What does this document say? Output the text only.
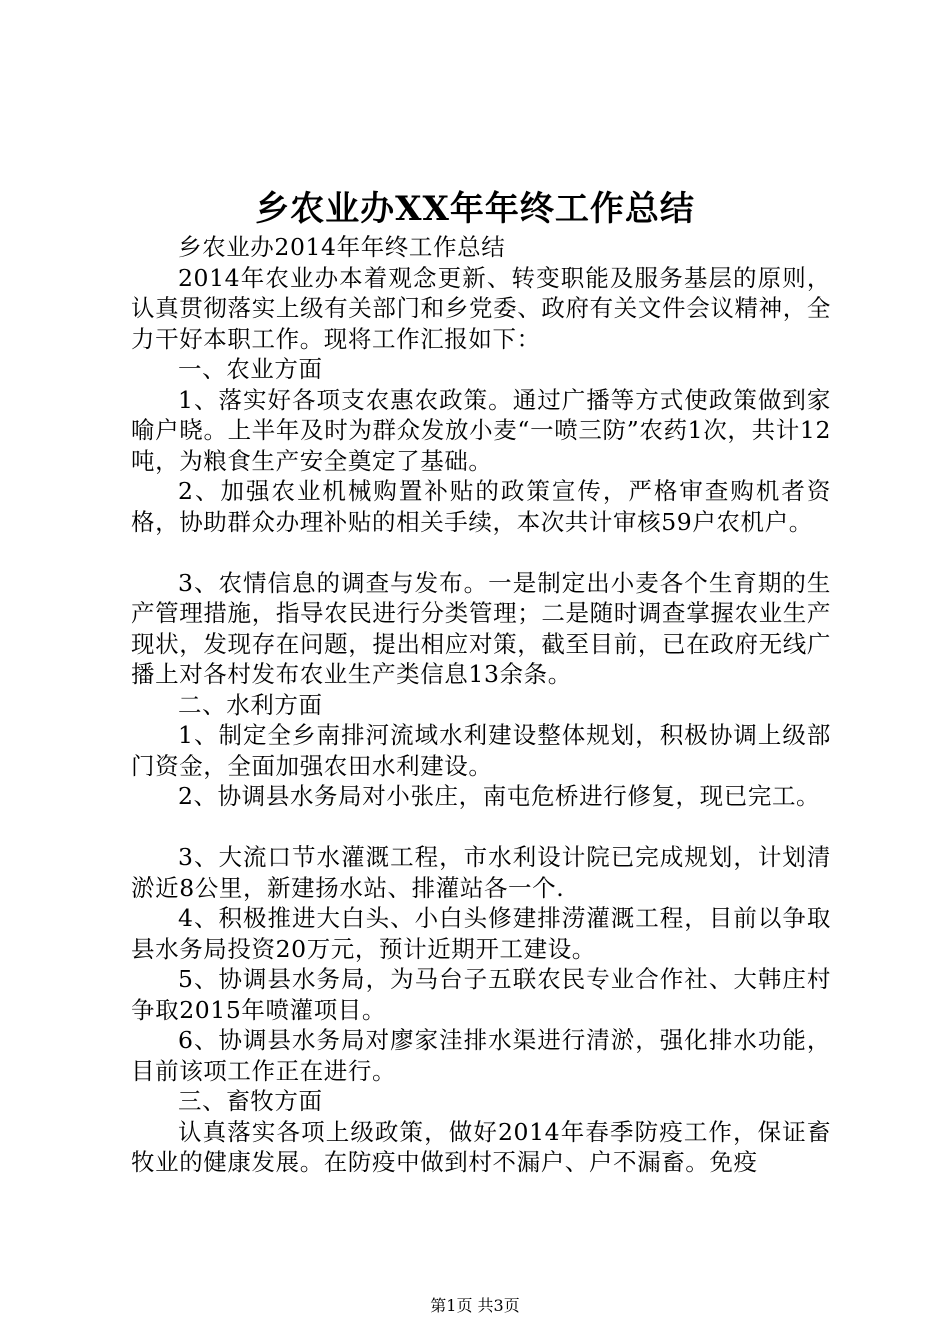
乡农业办XX年年终工作总结

乡农业办2014年年终工作总结

2014年农业办本着观念更新、转变职能及服务基层的原则，认真贯彻落实上级有关部门和乡党委、政府有关文件会议精神，全力干好本职工作。现将工作汇报如下：

一、农业方面

1、落实好各项支农惠农政策。通过广播等方式使政策做到家喻户晓。上半年及时为群众发放小麦“一喷三防”农药1次，共计12吨，为粮食生产安全奠定了基础。

2、加强农业机械购置补贴的政策宣传，严格审查购机者资格，协助群众办理补贴的相关手续，本次共计审核59户农机户。

3、农情信息的调查与发布。一是制定出小麦各个生育期的生产管理措施，指导农民进行分类管理；二是随时调查掌握农业生产现状，发现存在问题，提出相应对策，截至目前，已在政府无线广播上对各村发布农业生产类信息13余条。

二、水利方面

1、制定全乡南排河流域水利建设整体规划，积极协调上级部门资金，全面加强农田水利建设。

2、协调县水务局对小张庄，南屯危桥进行修复，现已完工。

3、大流口节水灌溉工程，市水利设计院已完成规划，计划清淤近8公里，新建扬水站、排灌站各一个.

4、积极推进大白头、小白头修建排涝灌溉工程，目前以争取县水务局投资20万元，预计近期开工建设。

5、协调县水务局，为马台子五联农民专业合作社、大韩庄村争取2015年喷灌项目。

6、协调县水务局对廖家洼排水渠进行清淤，强化排水功能，目前该项工作正在进行。

三、畜牧方面

认真落实各项上级政策，做好2014年春季防疫工作，保证畜牧业的健康发展。在防疫中做到村不漏户、户不漏畜。免疫

第1页 共3页
